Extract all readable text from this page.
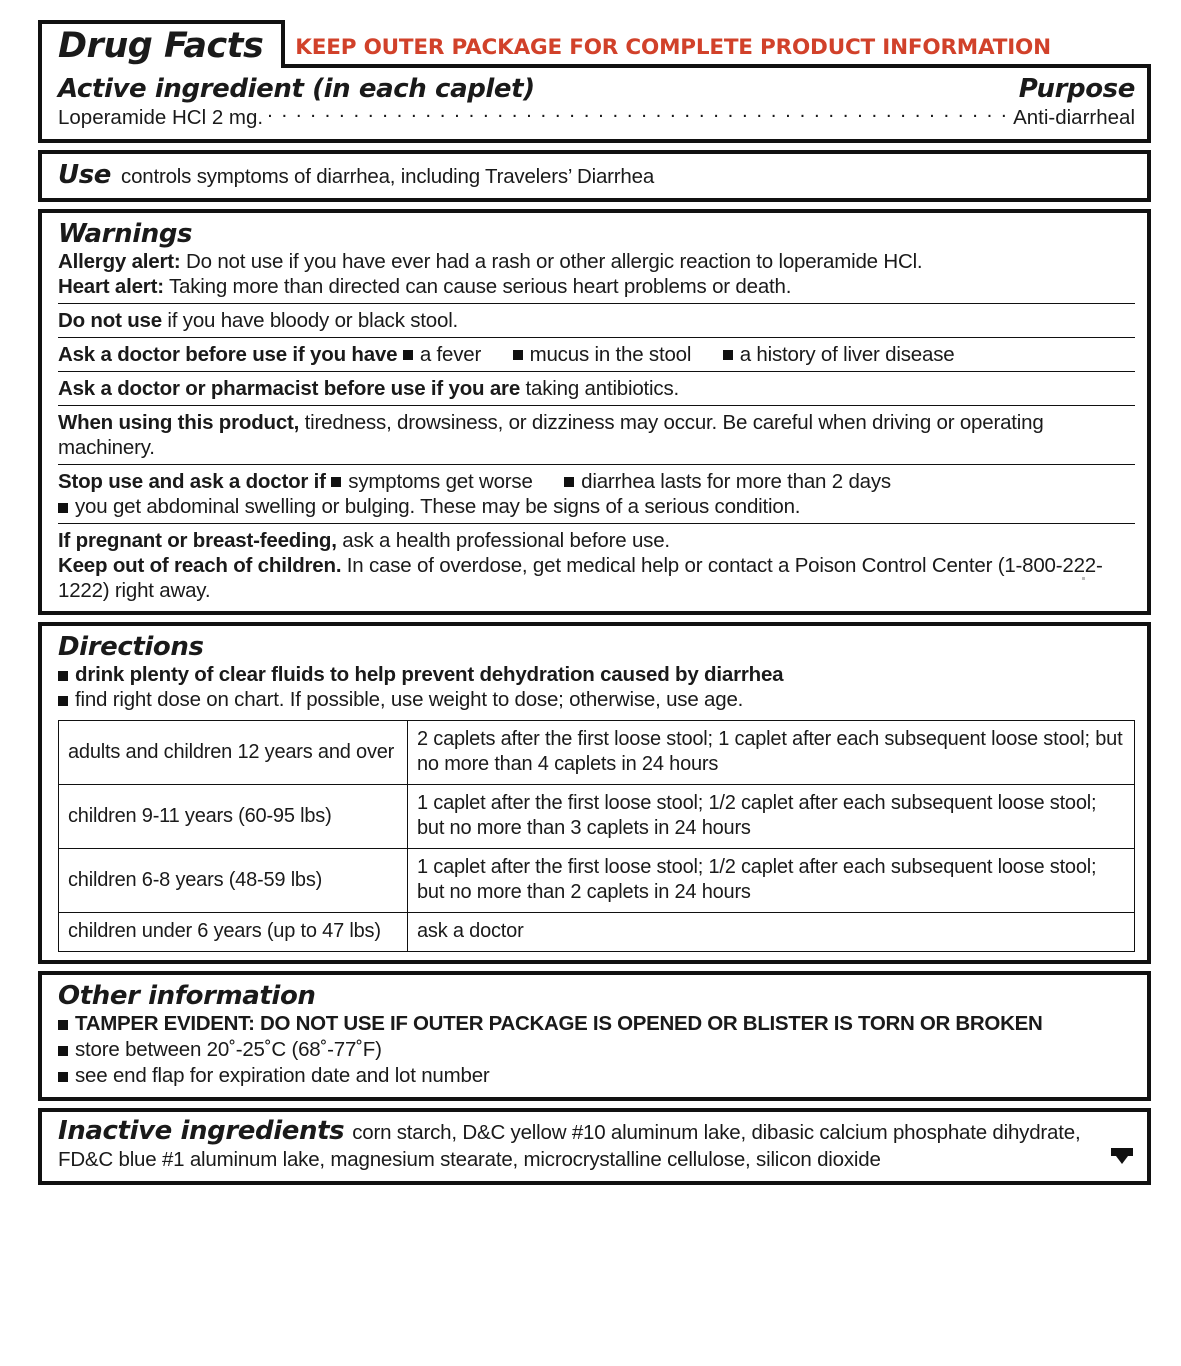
Drug Facts	KEEP OUTER PACKAGE FOR COMPLETE PRODUCT INFORMATION
Active ingredient (in each caplet)	Purpose
Loperamide HCl 2 mg. . . .	Anti-diarrheal
Use controls symptoms of diarrhea, including Travelers’ Diarrhea
Warnings
Allergy alert: Do not use if you have ever had a rash or other allergic reaction to loperamide HCl.
Heart alert: Taking more than directed can cause serious heart problems or death.
Do not use if you have bloody or black stool.
Ask a doctor before use if you have a fever mucus in the stool a history of liver disease
Ask a doctor or pharmacist before use if you are taking antibiotics.
When using this product, tiredness, drowsiness, or dizziness may occur. Be careful when driving or operating machinery.
Stop use and ask a doctor if symptoms get worse diarrhea lasts for more than 2 days
you get abdominal swelling or bulging. These may be signs of a serious condition.
If pregnant or breast-feeding, ask a health professional before use.
Keep out of reach of children. In case of overdose, get medical help or contact a Poison Control Center (1-800-222-1222) right away.
Directions
drink plenty of clear fluids to help prevent dehydration caused by diarrhea
find right dose on chart. If possible, use weight to dose; otherwise, use age.
adults and children 12 years and over	2 caplets after the first loose stool; 1 caplet after each subsequent loose stool; but no more than 4 caplets in 24 hours
children 9-11 years (60-95 lbs)	1 caplet after the first loose stool; 1/2 caplet after each subsequent loose stool; but no more than 3 caplets in 24 hours
children 6-8 years (48-59 lbs)	1 caplet after the first loose stool; 1/2 caplet after each subsequent loose stool; but no more than 2 caplets in 24 hours
children under 6 years (up to 47 lbs)	ask a doctor
Other information
TAMPER EVIDENT: DO NOT USE IF OUTER PACKAGE IS OPENED OR BLISTER IS TORN OR BROKEN
store between 20˚-25˚C (68˚-77˚F)
see end flap for expiration date and lot number
Inactive ingredients corn starch, D&C yellow #10 aluminum lake, dibasic calcium phosphate dihydrate, FD&C blue #1 aluminum lake, magnesium stearate, microcrystalline cellulose, silicon dioxide
